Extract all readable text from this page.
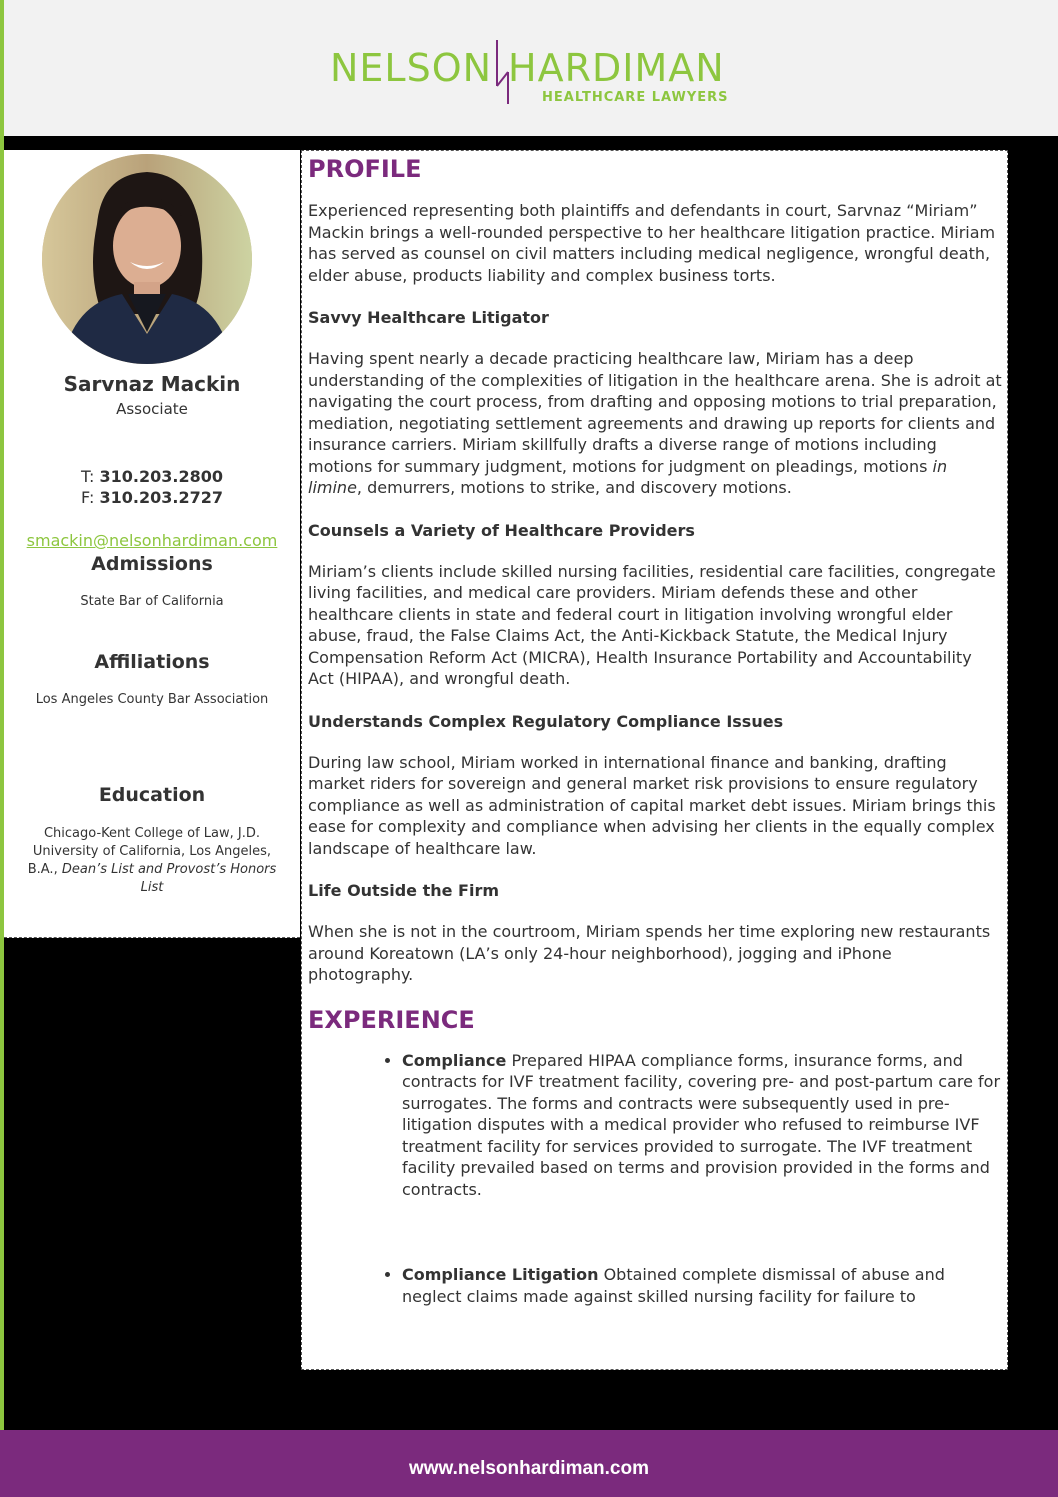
NELSON HARDIMAN
HEALTHCARE LAWYERS
Sarvnaz Mackin
Associate
T: 310.203.2800
F: 310.203.2727
smackin@nelsonhardiman.com
Admissions
State Bar of California
Affiliations
Los Angeles County Bar Association
Education
Chicago-Kent College of Law, J.D.
University of California, Los Angeles,
B.A., Dean’s List and Provost’s Honors
List
PROFILE

Experienced representing both plaintiffs and defendants in court, Sarvnaz “Miriam” Mackin brings a well-rounded perspective to her healthcare litigation practice. Miriam has served as counsel on civil matters including medical negligence, wrongful death, elder abuse, products liability and complex business torts.

Savvy Healthcare Litigator

Having spent nearly a decade practicing healthcare law, Miriam has a deep understanding of the complexities of litigation in the healthcare arena. She is adroit at navigating the court process, from drafting and opposing motions to trial preparation, mediation, negotiating settlement agreements and drawing up reports for clients and insurance carriers. Miriam skillfully drafts a diverse range of motions including motions for summary judgment, motions for judgment on pleadings, motions in limine, demurrers, motions to strike, and discovery motions.

Counsels a Variety of Healthcare Providers

Miriam’s clients include skilled nursing facilities, residential care facilities, congregate living facilities, and medical care providers. Miriam defends these and other healthcare clients in state and federal court in litigation involving wrongful elder abuse, fraud, the False Claims Act, the Anti-Kickback Statute, the Medical Injury Compensation Reform Act (MICRA), Health Insurance Portability and Accountability Act (HIPAA), and wrongful death.

Understands Complex Regulatory Compliance Issues

During law school, Miriam worked in international finance and banking, drafting market riders for sovereign and general market risk provisions to ensure regulatory compliance as well as administration of capital market debt issues. Miriam brings this ease for complexity and compliance when advising her clients in the equally complex landscape of healthcare law.

Life Outside the Firm

When she is not in the courtroom, Miriam spends her time exploring new restaurants around Koreatown (LA’s only 24-hour neighborhood), jogging and iPhone photography.

EXPERIENCE
• Compliance Prepared HIPAA compliance forms, insurance forms, and contracts for IVF treatment facility, covering pre- and post-partum care for surrogates. The forms and contracts were subsequently used in pre-litigation disputes with a medical provider who refused to reimburse IVF treatment facility for services provided to surrogate. The IVF treatment facility prevailed based on terms and provision provided in the forms and contracts.
• Compliance Litigation Obtained complete dismissal of abuse and neglect claims made against skilled nursing facility for failure to
www.nelsonhardiman.com
